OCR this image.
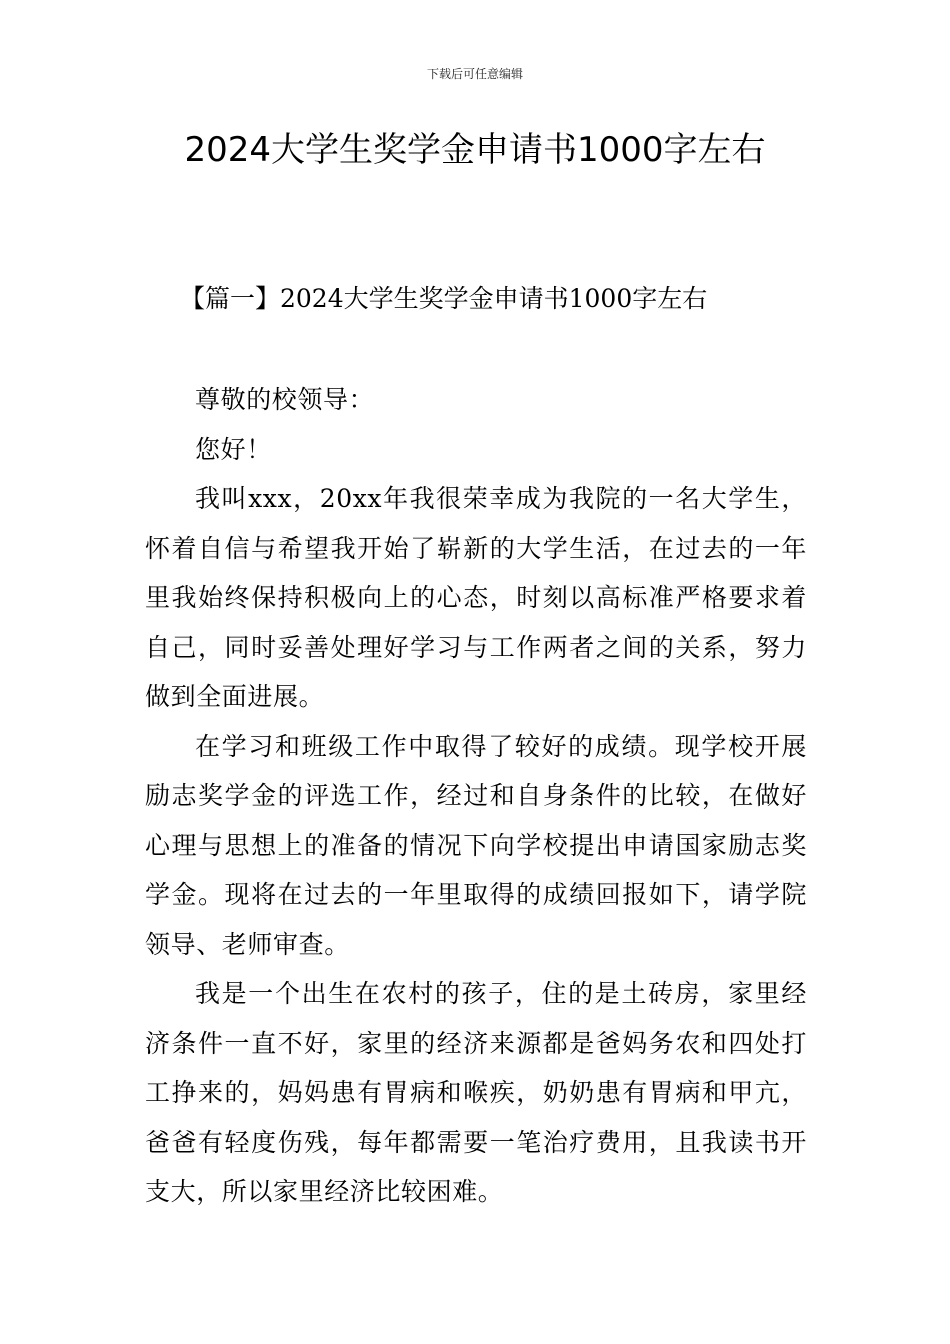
下载后可任意编辑
2024大学生奖学金申请书1000字左右
【篇一】2024大学生奖学金申请书1000字左右

尊敬的校领导：

您好！

我叫xxx，20xx年我很荣幸成为我院的一名大学生，怀着自信与希望我开始了崭新的大学生活，在过去的一年里我始终保持积极向上的心态，时刻以高标准严格要求着自己，同时妥善处理好学习与工作两者之间的关系，努力做到全面进展。

在学习和班级工作中取得了较好的成绩。现学校开展励志奖学金的评选工作，经过和自身条件的比较，在做好心理与思想上的准备的情况下向学校提出申请国家励志奖学金。现将在过去的一年里取得的成绩回报如下，请学院领导、老师审查。

我是一个出生在农村的孩子，住的是土砖房，家里经济条件一直不好，家里的经济来源都是爸妈务农和四处打工挣来的，妈妈患有胃病和喉疾，奶奶患有胃病和甲亢，爸爸有轻度伤残，每年都需要一笔治疗费用，且我读书开支大，所以家里经济比较困难。
